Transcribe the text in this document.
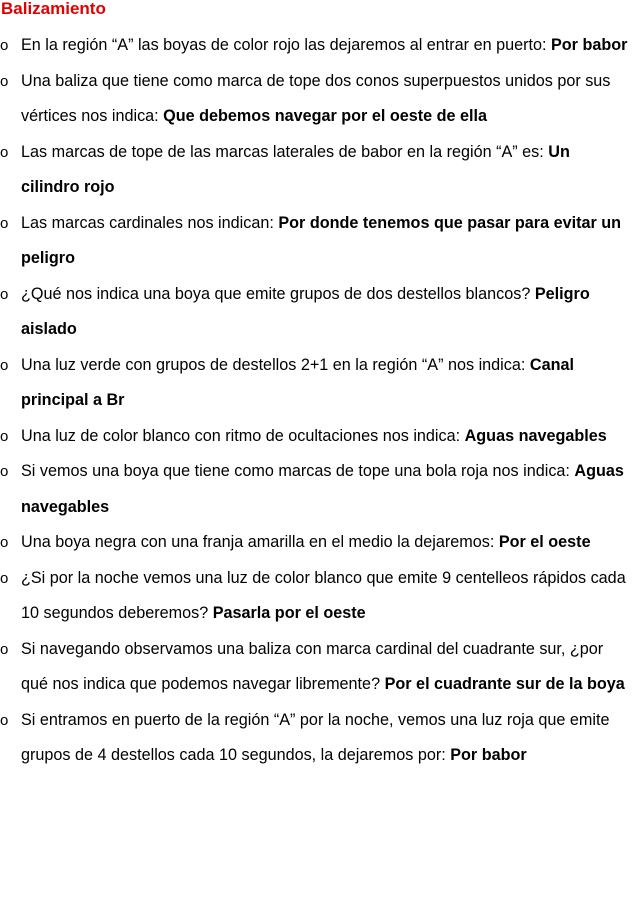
Balizamiento
o En la región “A” las boyas de color rojo las dejaremos al entrar en puerto: Por babor
o Una baliza que tiene como marca de tope dos conos superpuestos unidos por sus vértices nos indica: Que debemos navegar por el oeste de ella
o Las marcas de tope de las marcas laterales de babor en la región “A” es: Un cilindro rojo
o Las marcas cardinales nos indican: Por donde tenemos que pasar para evitar un peligro
o ¿Qué nos indica una boya que emite grupos de dos destellos blancos? Peligro aislado
o Una luz verde con grupos de destellos 2+1 en la región “A” nos indica: Canal principal a Br
o Una luz de color blanco con ritmo de ocultaciones nos indica: Aguas navegables
o Si vemos una boya que tiene como marcas de tope una bola roja nos indica: Aguas navegables
o Una boya negra con una franja amarilla en el medio la dejaremos: Por el oeste
o ¿Si por la noche vemos una luz de color blanco que emite 9 centelleos rápidos cada 10 segundos deberemos? Pasarla por el oeste
o Si navegando observamos una baliza con marca cardinal del cuadrante sur, ¿por qué nos indica que podemos navegar libremente? Por el cuadrante sur de la boya
o Si entramos en puerto de la región “A” por la noche, vemos una luz roja que emite grupos de 4 destellos cada 10 segundos, la dejaremos por: Por babor
